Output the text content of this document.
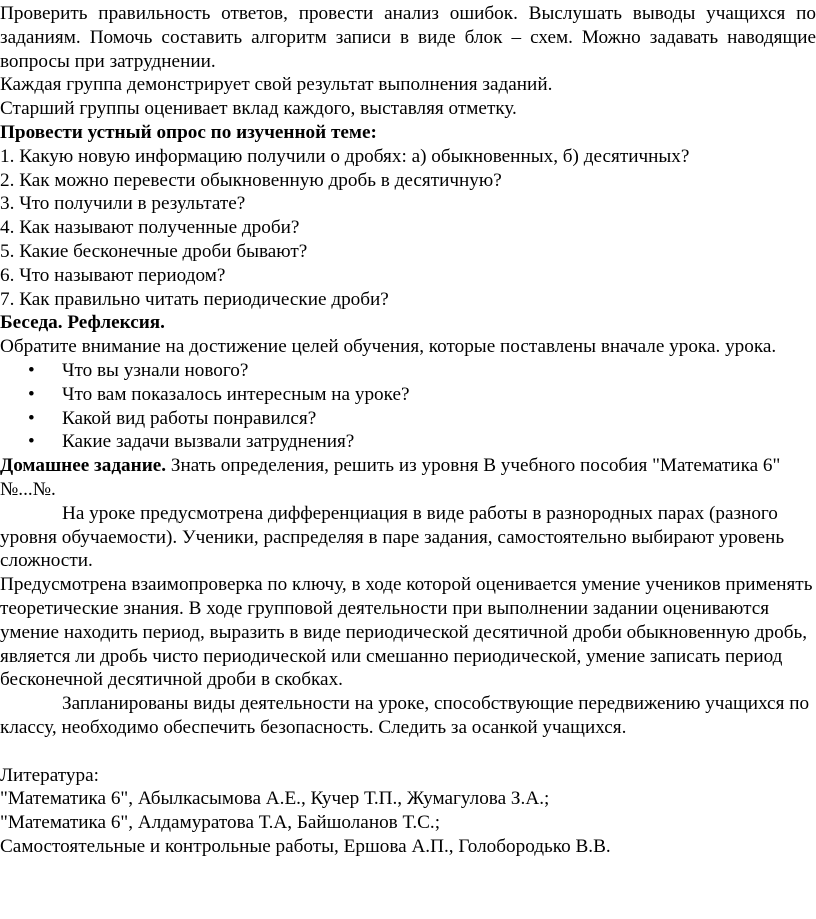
Проверить правильность ответов, провести анализ ошибок. Выслушать выводы учащихся по заданиям. Помочь составить алгоритм записи в виде блок – схем. Можно задавать наводящие вопросы при затруднении.

Каждая группа демонстрирует свой результат выполнения заданий.

Старший группы оценивает вклад каждого, выставляя отметку.

Провести устный опрос по изученной теме:

1. Какую новую информацию получили о дробях: а) обыкновенных, б) десятичных?

2. Как можно перевести обыкновенную дробь в десятичную?

3. Что получили в результате?

4. Как называют полученные дроби?

5. Какие бесконечные дроби бывают?

6. Что называют периодом?

7. Как правильно читать периодические дроби?

Беседа. Рефлексия.

Обратите внимание на достижение целей обучения, которые поставлены вначале урока. урока.

• Что вы узнали нового?
• Что вам показалось интересным на уроке?
• Какой вид работы понравился?
• Какие задачи вызвали затруднения?

Домашнее задание. Знать определения, решить из уровня В учебного пособия "Математика 6" №...№.

На уроке предусмотрена дифференциация в виде работы в разнородных парах (разного уровня обучаемости). Ученики, распределяя в паре задания, самостоятельно выбирают уровень сложности.

Предусмотрена взаимопроверка по ключу, в ходе которой оценивается умение учеников применять теоретические знания. В ходе групповой деятельности при выполнении задании оцениваются умение находить период, выразить в виде периодической десятичной дроби обыкновенную дробь, является ли дробь чисто периодической или смешанно периодической, умение записать период бесконечной десятичной дроби в скобках.

Запланированы виды деятельности на уроке, способствующие передвижению учащихся по классу, необходимо обеспечить безопасность. Следить за осанкой учащихся.

Литература:

"Математика 6", Абылкасымова А.Е., Кучер Т.П., Жумагулова З.А.;

"Математика 6", Алдамуратова Т.А, Байшоланов Т.С.;

Самостоятельные и контрольные работы, Ершова А.П., Голобородько В.В.
